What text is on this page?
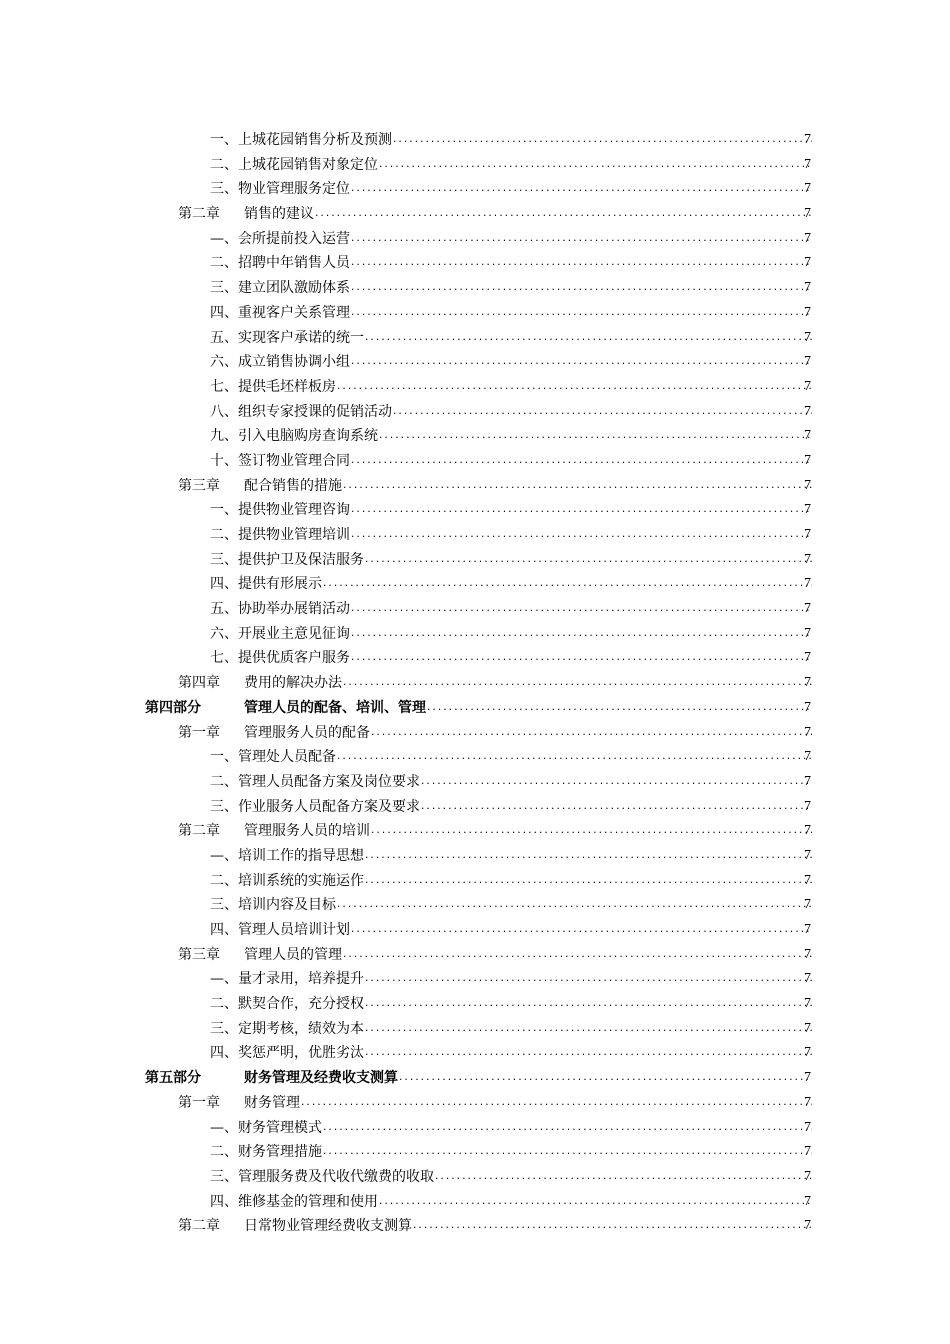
一、上城花园销售分析及预测 .....	7
二、上城花园销售对象定位 .....	7
三、物业管理服务定位 .....	7
第二章 销售的建议 .....	7
—、会所提前投入运营 .....	7
二、招聘中年销售人员 .....	7
三、建立团队激励体系 .....	7
四、重视客户关系管理 .....	7
五、实现客户承诺的统一 .....	7
六、成立销售协调小组 .....	7
七、提供毛坯样板房 .....	7
八、组织专家授课的促销活动 .....	7
九、引入电脑购房查询系统 .....	7
十、签订物业管理合同 .....	7
第三章 配合销售的措施 .....	7
一、提供物业管理咨询 .....	7
二、提供物业管理培训 .....	7
三、提供护卫及保洁服务 .....	7
四、提供有形展示 .....	7
五、协助举办展销活动 .....	7
六、开展业主意见征询 .....	7
七、提供优质客户服务 .....	7
第四章 费用的解决办法 .....	7
第四部分	管理人员的配备、培训、管理 .....	7
第一章 管理服务人员的配备 .....	7
一、管理处人员配备 .....	7
二、管理人员配备方案及岗位要求 .....	7
三、作业服务人员配备方案及要求 .....	7
第二章 管理服务人员的培训 .....	7
—、培训工作的指导思想 .....	7
二、培训系统的实施运作 .....	7
三、培训内容及目标 .....	7
四、管理人员培训计划 .....	7
第三章 管理人员的管理 .....	7
—、量才录用，培养提升 .....	7
二、默契合作，充分授权 .....	7
三、定期考核，绩效为本 .....	7
四、奖惩严明，优胜劣汰 .....	7
第五部分	财务管理及经费收支测算 .....	7
第一章 财务管理 .....	7
—、财务管理模式 .....	7
二、财务管理措施 .....	7
三、管理服务费及代收代缴费的收取 .....	7
四、维修基金的管理和使用 .....	7
第二章 日常物业管理经费收支测算 .....	7
